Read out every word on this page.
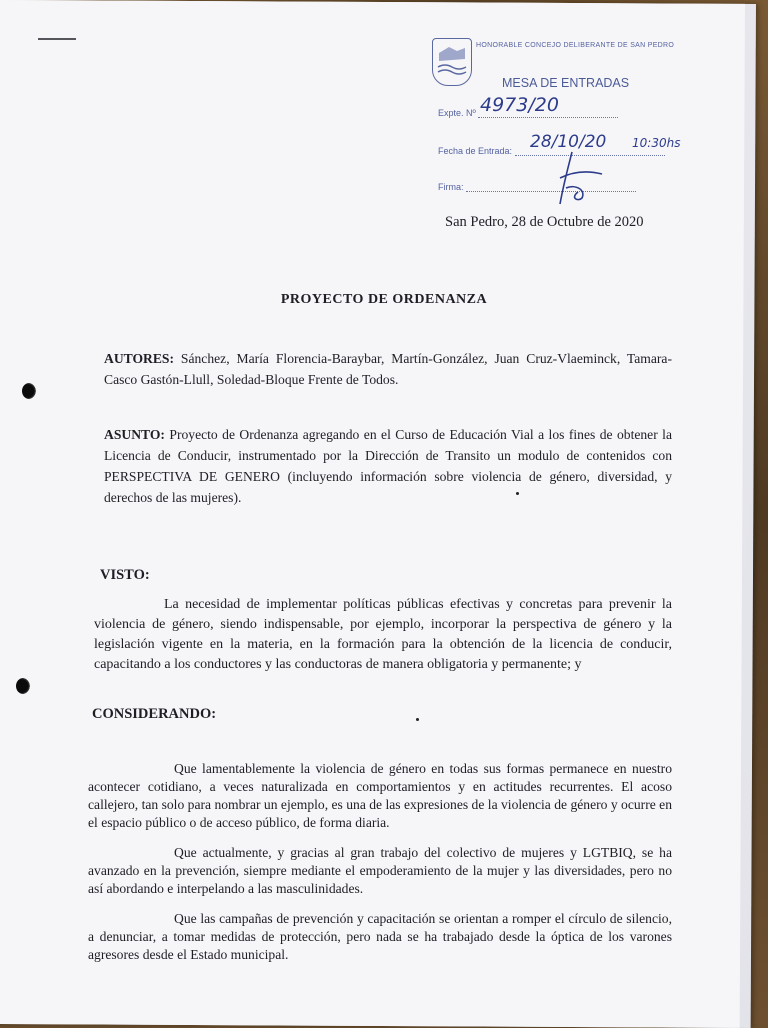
HONORABLE CONCEJO DELIBERANTE DE SAN PEDRO
MESA DE ENTRADAS
Expte. Nº 4973/20
Fecha de Entrada:	28/10/20 10:30hs
Firma:
San Pedro, 28 de Octubre de 2020
PROYECTO DE ORDENANZA
AUTORES: Sánchez, María Florencia-Baraybar, Martín-González, Juan Cruz-Vlaeminck, Tamara-Casco Gastón-Llull, Soledad-Bloque Frente de Todos.
ASUNTO: Proyecto de Ordenanza agregando en el Curso de Educación Vial a los fines de obtener la Licencia de Conducir, instrumentado por la Dirección de Transito un modulo de contenidos con PERSPECTIVA DE GENERO (incluyendo información sobre violencia de género, diversidad, y derechos de las mujeres).
VISTO:
La necesidad de implementar políticas públicas efectivas y concretas para prevenir la violencia de género, siendo indispensable, por ejemplo, incorporar la perspectiva de género y la legislación vigente en la materia, en la formación para la obtención de la licencia de conducir, capacitando a los conductores y las conductoras de manera obligatoria y permanente; y
CONSIDERANDO:
Que lamentablemente la violencia de género en todas sus formas permanece en nuestro acontecer cotidiano, a veces naturalizada en comportamientos y en actitudes recurrentes. El acoso callejero, tan solo para nombrar un ejemplo, es una de las expresiones de la violencia de género y ocurre en el espacio público o de acceso público, de forma diaria.
Que actualmente, y gracias al gran trabajo del colectivo de mujeres y LGTBIQ, se ha avanzado en la prevención, siempre mediante el empoderamiento de la mujer y las diversidades, pero no así abordando e interpelando a las masculinidades.
Que las campañas de prevención y capacitación se orientan a romper el círculo de silencio, a denunciar, a tomar medidas de protección, pero nada se ha trabajado desde la óptica de los varones agresores desde el Estado municipal.
